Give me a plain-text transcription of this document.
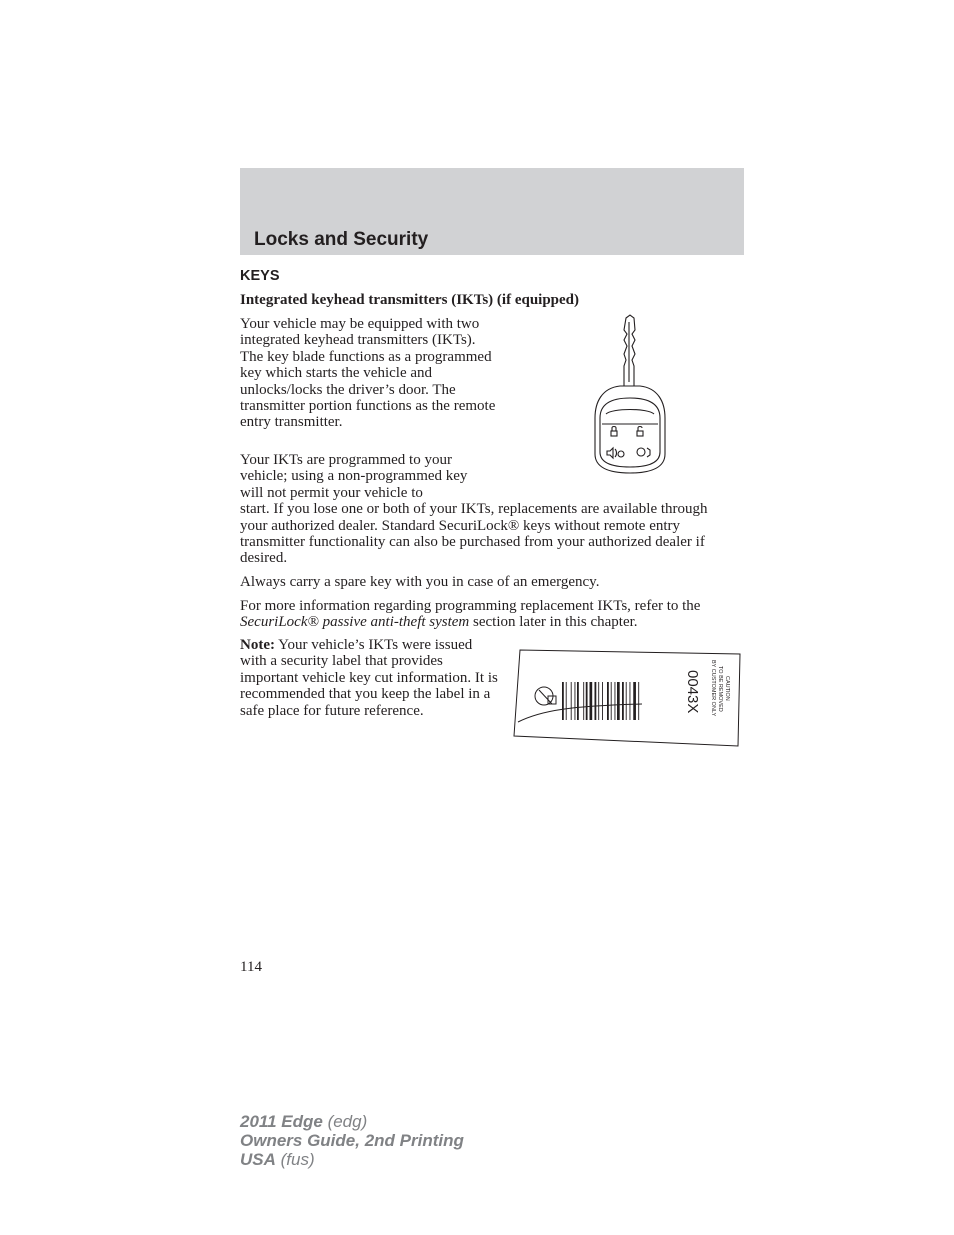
Locks and Security
KEYS
Integrated keyhead transmitters (IKTs) (if equipped)

Your vehicle may be equipped with two integrated keyhead transmitters (IKTs). The key blade functions as a programmed key which starts the vehicle and unlocks/locks the driver’s door. The transmitter portion functions as the remote entry transmitter.

Your IKTs are programmed to your vehicle; using a non-programmed key will not permit your vehicle to
start. If you lose one or both of your IKTs, replacements are available through your authorized dealer. Standard SecuriLock® keys without remote entry transmitter functionality can also be purchased from your authorized dealer if desired.

Always carry a spare key with you in case of an emergency.

For more information regarding programming replacement IKTs, refer to the SecuriLock® passive anti-theft system section later in this chapter.

Note: Your vehicle’s IKTs were issued with a security label that provides important vehicle key cut information. It is recommended that you keep the label in a safe place for future reference.	0043X	CAUTION
TO BE REMOVED
BY CUSTOMER ONLY
114
2011 Edge (edg)
Owners Guide, 2nd Printing
USA (fus)
